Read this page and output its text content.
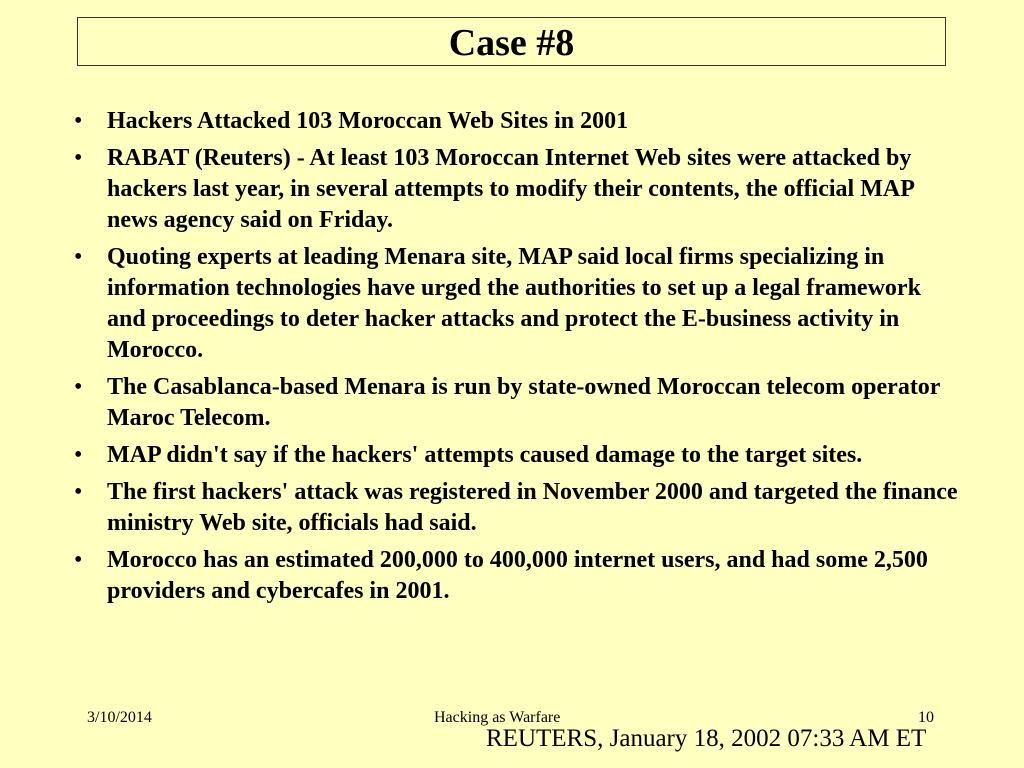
Case #8
• Hackers Attacked 103 Moroccan Web Sites in 2001
• RABAT (Reuters) - At least 103 Moroccan Internet Web sites were attacked by hackers last year, in several attempts to modify their contents, the official MAP news agency said on Friday.
• Quoting experts at leading Menara site, MAP said local firms specializing in information technologies have urged the authorities to set up a legal framework and proceedings to deter hacker attacks and protect the E-business activity in Morocco.
• The Casablanca-based Menara is run by state-owned Moroccan telecom operator Maroc Telecom.
• MAP didn't say if the hackers' attempts caused damage to the target sites.
• The first hackers' attack was registered in November 2000 and targeted the finance ministry Web site, officials had said.
• Morocco has an estimated 200,000 to 400,000 internet users, and had some 2,500 providers and cybercafes in 2001.
3/10/2014	Hacking as Warfare	10
REUTERS, January 18, 2002 07:33 AM ET
